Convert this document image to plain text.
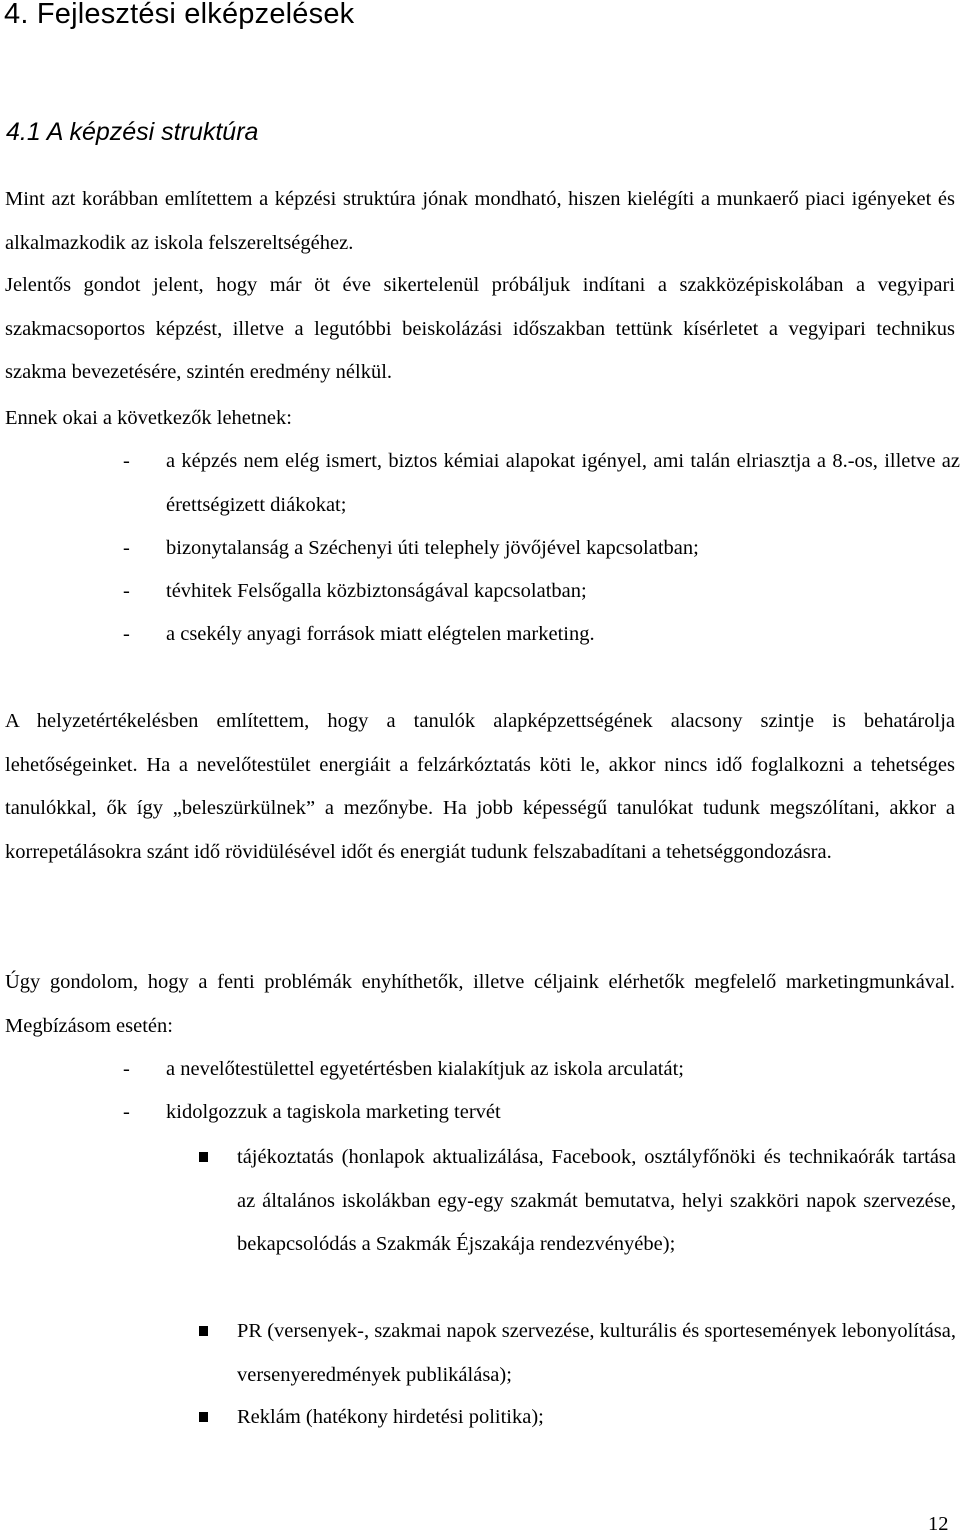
4. Fejlesztési elképzelések
4.1 A képzési struktúra

Mint azt korábban említettem a képzési struktúra jónak mondható, hiszen kielégíti a munkaerő piaci igényeket és alkalmazkodik az iskola felszereltségéhez.

Jelentős gondot jelent, hogy már öt éve sikertelenül próbáljuk indítani a szakközépiskolában a vegyipari szakmacsoportos képzést, illetve a legutóbbi beiskolázási időszakban tettünk kísérletet a vegyipari technikus szakma bevezetésére, szintén eredmény nélkül.

Ennek okai a következők lehetnek:

- a képzés nem elég ismert, biztos kémiai alapokat igényel, ami talán elriasztja a 8.-os, illetve az érettségizett diákokat;

- bizonytalanság a Széchenyi úti telephely jövőjével kapcsolatban;

- tévhitek Felsőgalla közbiztonságával kapcsolatban;

- a csekély anyagi források miatt elégtelen marketing.

A helyzetértékelésben említettem, hogy a tanulók alapképzettségének alacsony szintje is behatárolja lehetőségeinket. Ha a nevelőtestület energiáit a felzárkóztatás köti le, akkor nincs idő foglalkozni a tehetséges tanulókkal, ők így „beleszürkülnek” a mezőnybe. Ha jobb képességű tanulókat tudunk megszólítani, akkor a korrepetálásokra szánt idő rövidülésével időt és energiát tudunk felszabadítani a tehetséggondozásra.

Úgy gondolom, hogy a fenti problémák enyhíthetők, illetve céljaink elérhetők megfelelő marketingmunkával. Megbízásom esetén:

- a nevelőtestülettel egyetértésben kialakítjuk az iskola arculatát;

- kidolgozzuk a tagiskola marketing tervét

tájékoztatás (honlapok aktualizálása, Facebook, osztályfőnöki és technikaórák tartása az általános iskolákban egy-egy szakmát bemutatva, helyi szakköri napok szervezése, bekapcsolódás a Szakmák Éjszakája rendezvényébe);

PR (versenyek-, szakmai napok szervezése, kulturális és sportesemények lebonyolítása, versenyeredmények publikálása);

Reklám (hatékony hirdetési politika);

12
